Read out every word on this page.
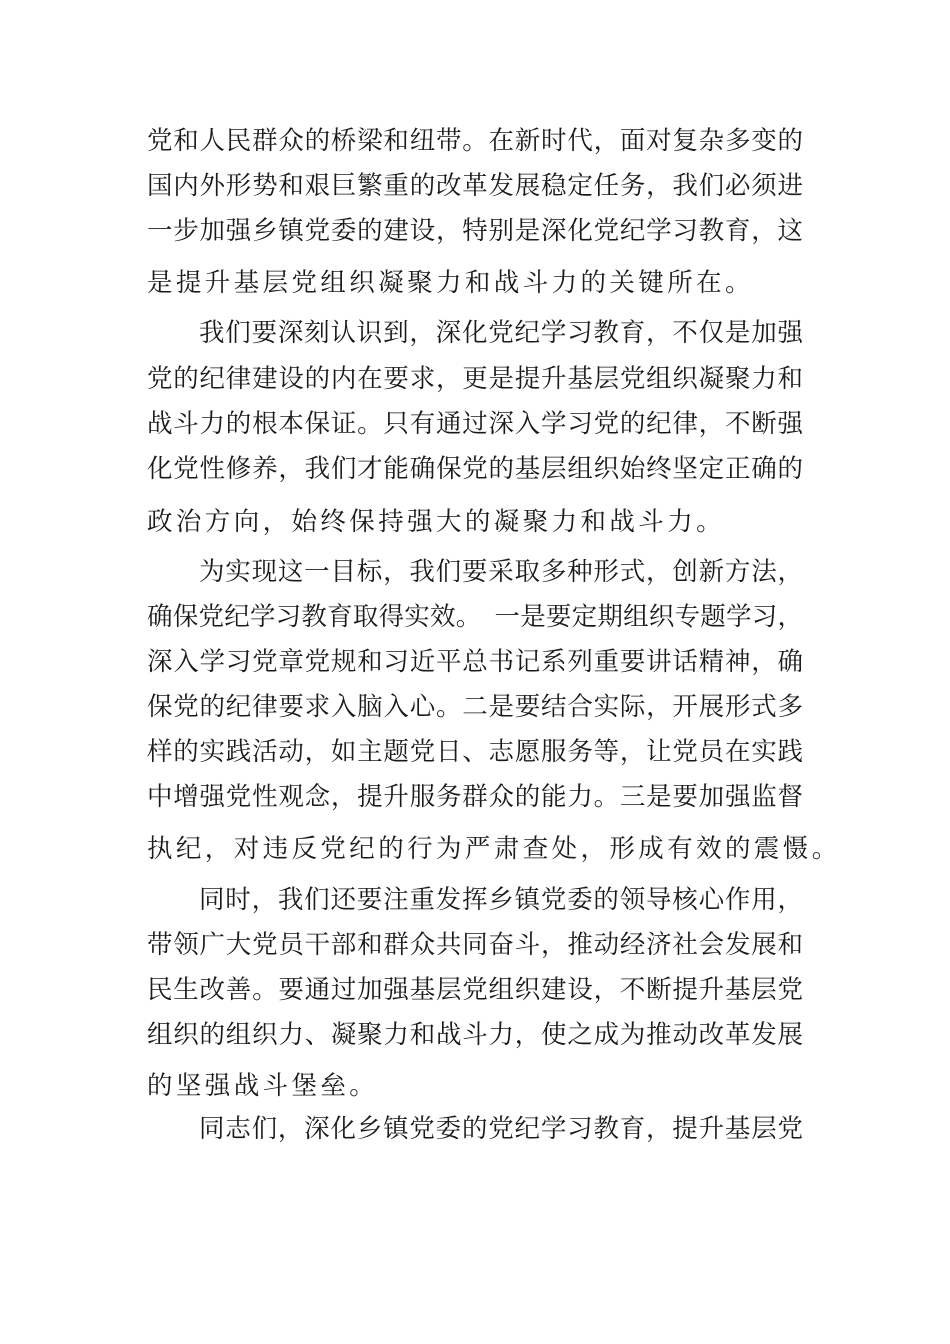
党和人民群众的桥梁和纽带。在新时代，面对复杂多变的
国内外形势和艰巨繁重的改革发展稳定任务，我们必须进
一步加强乡镇党委的建设，特别是深化党纪学习教育，这
是提升基层党组织凝聚力和战斗力的关键所在。
我们要深刻认识到，深化党纪学习教育，不仅是加强
党的纪律建设的内在要求，更是提升基层党组织凝聚力和
战斗力的根本保证。只有通过深入学习党的纪律，不断强
化党性修养，我们才能确保党的基层组织始终坚定正确的
政治方向，始终保持强大的凝聚力和战斗力。
为实现这一目标，我们要采取多种形式，创新方法，
确保党纪学习教育取得实效。　一是要定期组织专题学习，
深入学习党章党规和习近平总书记系列重要讲话精神，确
保党的纪律要求入脑入心。二是要结合实际，开展形式多
样的实践活动，如主题党日、志愿服务等，让党员在实践
中增强党性观念，提升服务群众的能力。三是要加强监督
执纪，对违反党纪的行为严肃查处，形成有效的震慑。
同时，我们还要注重发挥乡镇党委的领导核心作用，
带领广大党员干部和群众共同奋斗，推动经济社会发展和
民生改善。要通过加强基层党组织建设，不断提升基层党
组织的组织力、凝聚力和战斗力，使之成为推动改革发展
的坚强战斗堡垒。
同志们，深化乡镇党委的党纪学习教育，提升基层党
